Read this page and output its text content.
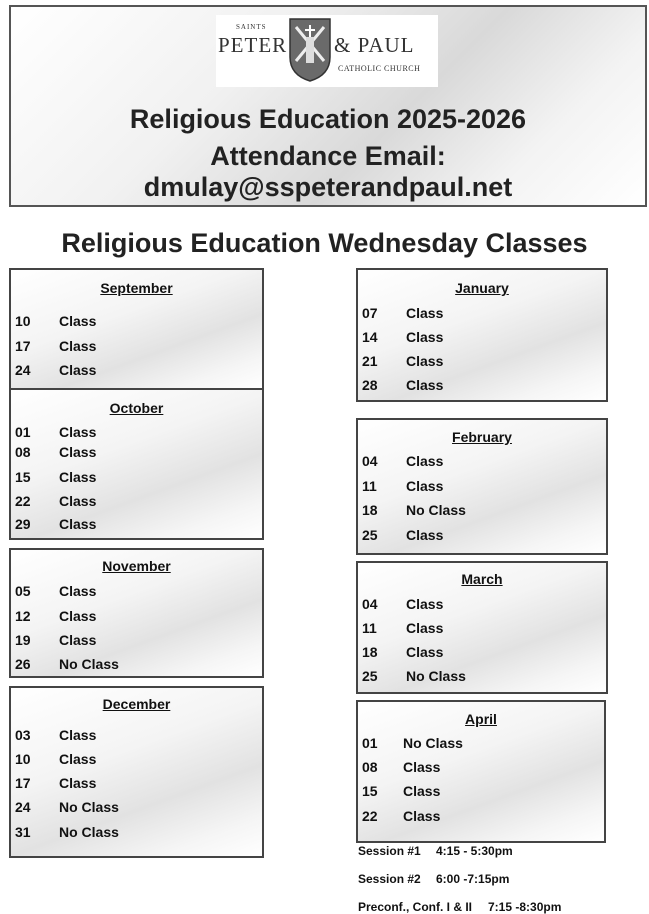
SAINTS
PETER & PAUL
CATHOLIC CHURCH
Religious Education 2025-2026
Attendance Email:
dmulay@sspeterandpaul.net
Religious Education Wednesday Classes
September
10	Class
17	Class
24	Class
October
01	Class
08	Class
15	Class
22	Class
29	Class
November
05	Class
12	Class
19	Class
26	No Class
December
03	Class
10	Class
17	Class
24	No Class
31	No Class
January
07	Class
14	Class
21	Class
28	Class
February
04	Class
11	Class
18	No Class
25	Class
March
04	Class
11	Class
18	Class
25	No Class
April
01	No Class
08	Class
15	Class
22	Class
Session #1 4:15 - 5:30pm
Session #2 6:00 -7:15pm
Preconf., Conf. I & II 7:15 -8:30pm
